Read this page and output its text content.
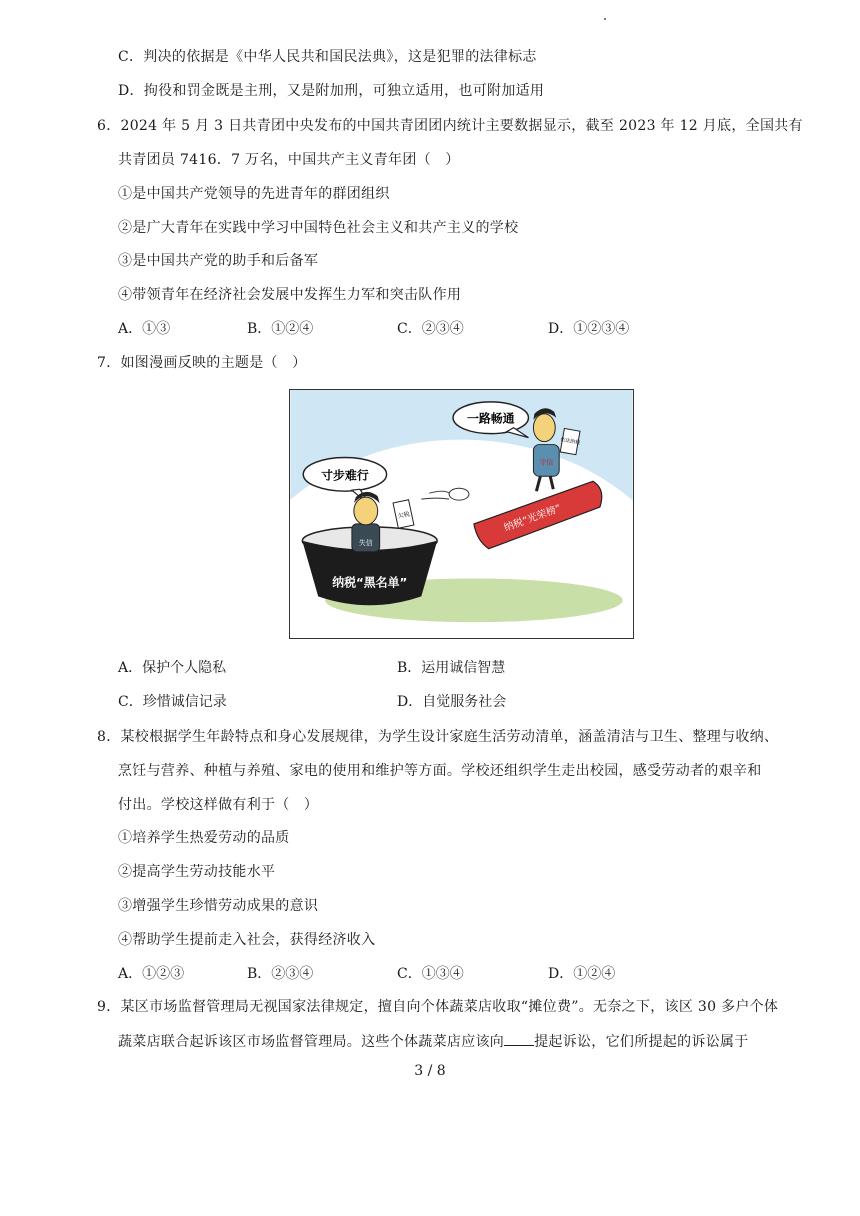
C．判决的依据是《中华人民共和国民法典》，这是犯罪的法律标志
D．拘役和罚金既是主刑，又是附加刑，可独立适用，也可附加适用
6．2024 年 5 月 3 日共青团中央发布的中国共青团团内统计主要数据显示，截至 2023 年 12 月底，全国共有
共青团员 7416．7 万名，中国共产主义青年团（　）
①是中国共产党领导的先进青年的群团组织
②是广大青年在实践中学习中国特色社会主义和共产主义的学校
③是中国共产党的助手和后备军
④带领青年在经济社会发展中发挥生力军和突击队作用
A．①③	B．①②④	C．②③④	D．①②③④
7．如图漫画反映的主题是（　）
寸步难行
一路畅通
纳税“光荣榜”
守信
依法纳税
纳税“黑名单”
失信
欠税
A．保护个人隐私	B．运用诚信智慧
C．珍惜诚信记录	D．自觉服务社会
8．某校根据学生年龄特点和身心发展规律，为学生设计家庭生活劳动清单，涵盖清洁与卫生、整理与收纳、
烹饪与营养、种植与养殖、家电的使用和维护等方面。学校还组织学生走出校园，感受劳动者的艰辛和
付出。学校这样做有利于（　）
①培养学生热爱劳动的品质
②提高学生劳动技能水平
③增强学生珍惜劳动成果的意识
④帮助学生提前走入社会，获得经济收入
A．①②③	B．②③④	C．①③④	D．①②④
9．某区市场监督管理局无视国家法律规定，擅自向个体蔬菜店收取“摊位费”。无奈之下，该区 30 多户个体
蔬菜店联合起诉该区市场监督管理局。这些个体蔬菜店应该向 提起诉讼，它们所提起的诉讼属于
3 / 8
